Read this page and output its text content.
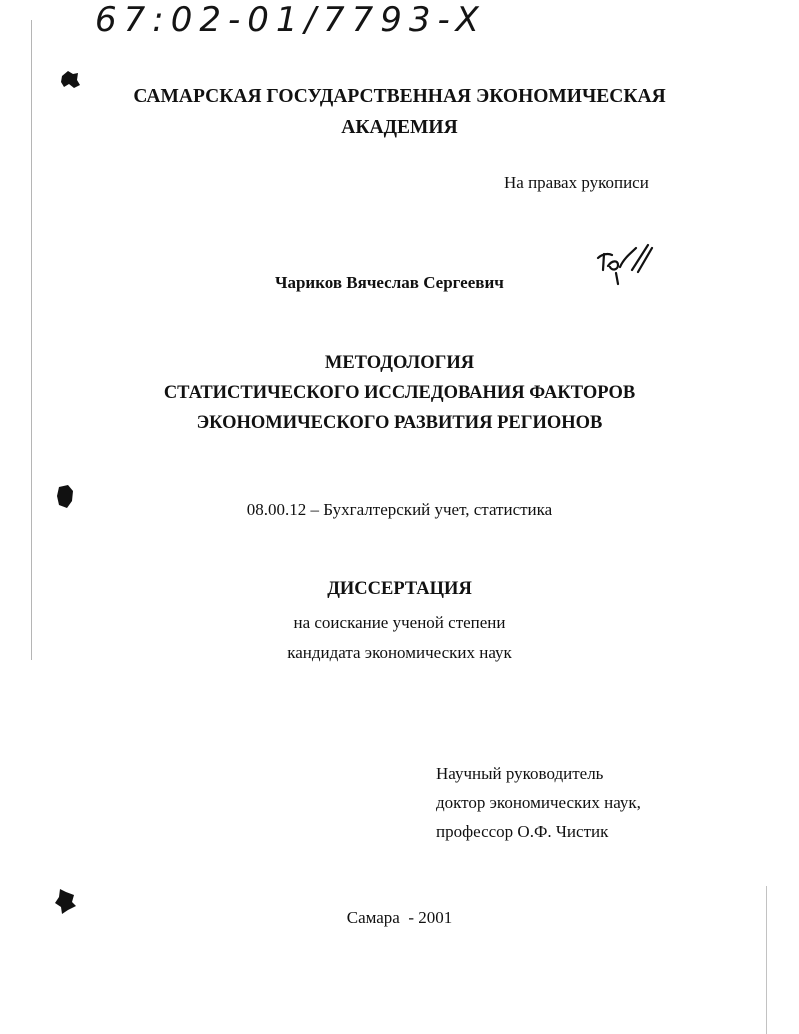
67:02-01/7793-X
САМАРСКАЯ ГОСУДАРСТВЕННАЯ ЭКОНОМИЧЕСКАЯ
АКАДЕМИЯ
На правах рукописи
Чариков Вячеслав Сергеевич
МЕТОДОЛОГИЯ
СТАТИСТИЧЕСКОГО ИССЛЕДОВАНИЯ ФАКТОРОВ
ЭКОНОМИЧЕСКОГО РАЗВИТИЯ РЕГИОНОВ
08.00.12 – Бухгалтерский учет, статистика
ДИССЕРТАЦИЯ
на соискание ученой степени
кандидата экономических наук
Научный руководитель
доктор экономических наук,
профессор О.Ф. Чистик
Самара  - 2001
